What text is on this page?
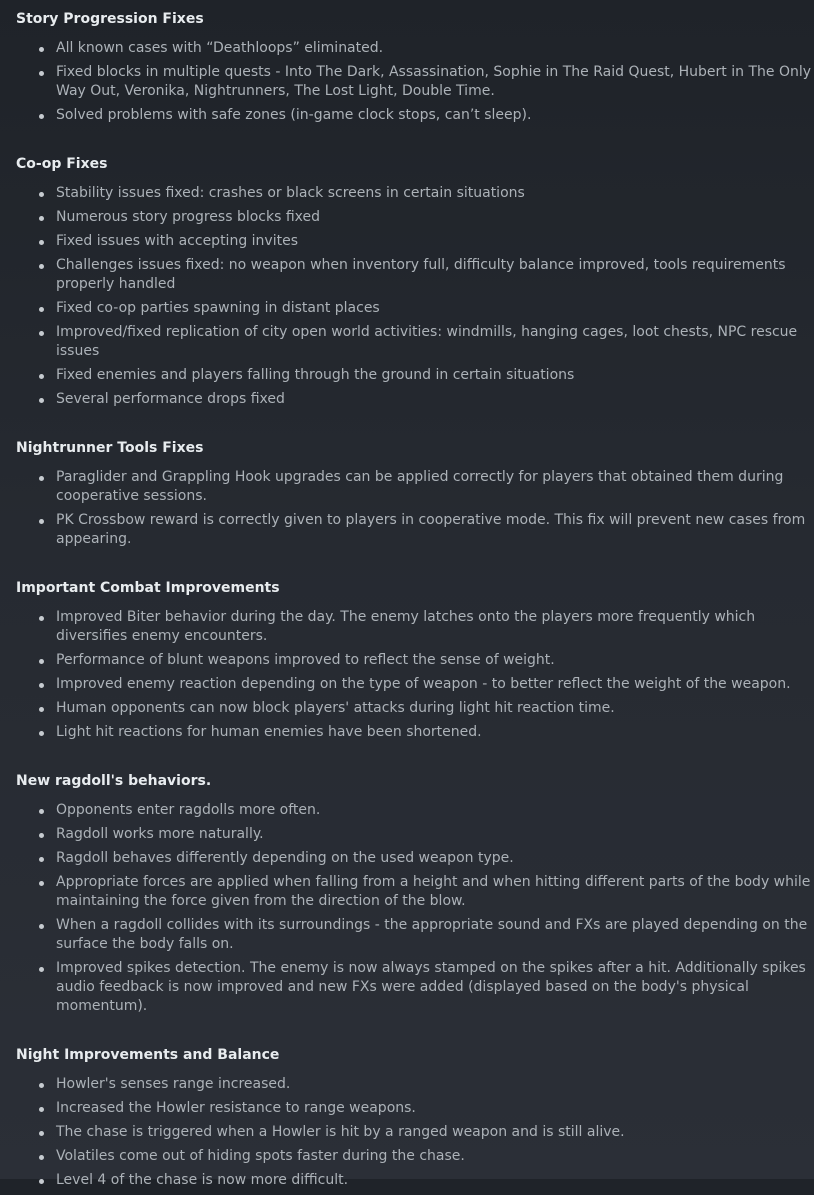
Story Progression Fixes
All known cases with “Deathloops” eliminated.
Fixed blocks in multiple quests - Into The Dark, Assassination, Sophie in The Raid Quest, Hubert in The Only Way Out, Veronika, Nightrunners, The Lost Light, Double Time.
Solved problems with safe zones (in-game clock stops, can’t sleep).
Co-op Fixes
Stability issues fixed: crashes or black screens in certain situations
Numerous story progress blocks fixed
Fixed issues with accepting invites
Challenges issues fixed: no weapon when inventory full, difficulty balance improved, tools requirements properly handled
Fixed co-op parties spawning in distant places
Improved/fixed replication of city open world activities: windmills, hanging cages, loot chests, NPC rescue issues
Fixed enemies and players falling through the ground in certain situations
Several performance drops fixed
Nightrunner Tools Fixes
Paraglider and Grappling Hook upgrades can be applied correctly for players that obtained them during cooperative sessions.
PK Crossbow reward is correctly given to players in cooperative mode. This fix will prevent new cases from appearing.
Important Combat Improvements
Improved Biter behavior during the day. The enemy latches onto the players more frequently which diversifies enemy encounters.
Performance of blunt weapons improved to reflect the sense of weight.
Improved enemy reaction depending on the type of weapon - to better reflect the weight of the weapon.
Human opponents can now block players' attacks during light hit reaction time.
Light hit reactions for human enemies have been shortened.
New ragdoll's behaviors.
Opponents enter ragdolls more often.
Ragdoll works more naturally.
Ragdoll behaves differently depending on the used weapon type.
Appropriate forces are applied when falling from a height and when hitting different parts of the body while maintaining the force given from the direction of the blow.
When a ragdoll collides with its surroundings - the appropriate sound and FXs are played depending on the surface the body falls on.
Improved spikes detection. The enemy is now always stamped on the spikes after a hit. Additionally spikes audio feedback is now improved and new FXs were added (displayed based on the body's physical momentum).
Night Improvements and Balance
Howler's senses range increased.
Increased the Howler resistance to range weapons.
The chase is triggered when a Howler is hit by a ranged weapon and is still alive.
Volatiles come out of hiding spots faster during the chase.
Level 4 of the chase is now more difficult.
